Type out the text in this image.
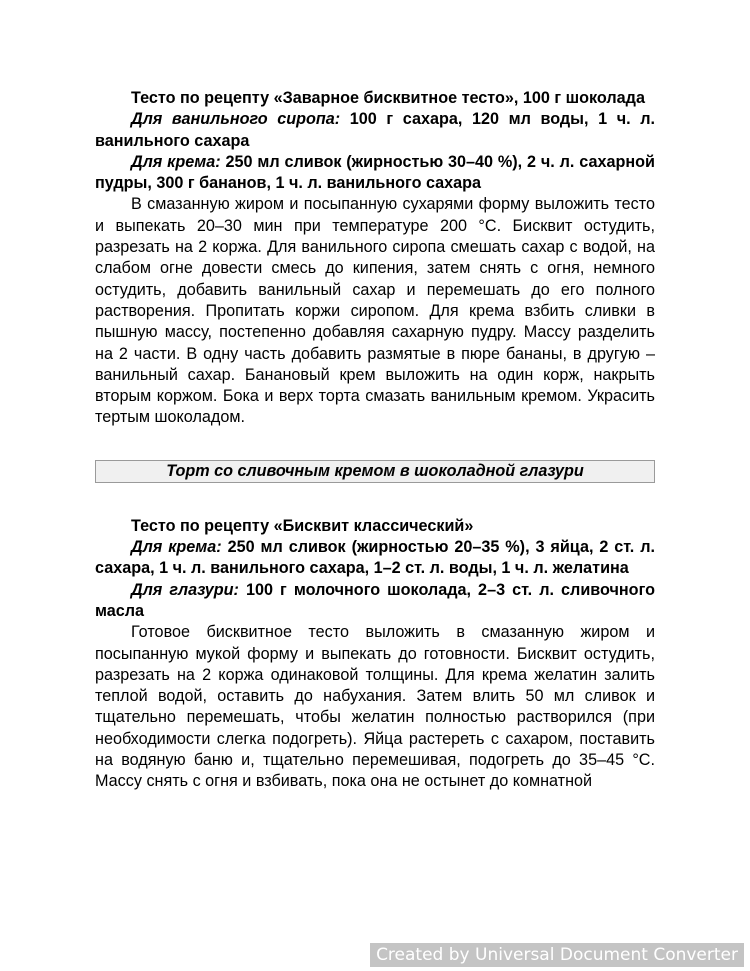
Тесто по рецепту «Заварное бисквитное тесто», 100 г шоколада

Для ванильного сиропа: 100 г сахара, 120 мл воды, 1 ч. л. ванильного сахара

Для крема: 250 мл сливок (жирностью 30–40 %), 2 ч. л. сахарной пудры, 300 г бананов, 1 ч. л. ванильного сахара

В смазанную жиром и посыпанную сухарями форму выложить тесто и выпекать 20–30 мин при температуре 200 °С. Бисквит остудить, разрезать на 2 коржа. Для ванильного сиропа смешать сахар с водой, на слабом огне довести смесь до кипения, затем снять с огня, немного остудить, добавить ванильный сахар и перемешать до его полного растворения. Пропитать коржи сиропом. Для крема взбить сливки в пышную массу, постепенно добавляя сахарную пудру. Массу разделить на 2 части. В одну часть добавить размятые в пюре бананы, в другую – ванильный сахар. Банановый крем выложить на один корж, накрыть вторым коржом. Бока и верх торта смазать ванильным кремом. Украсить тертым шоколадом.

Торт со сливочным кремом в шоколадной глазури

Тесто по рецепту «Бисквит классический»

Для крема: 250 мл сливок (жирностью 20–35 %), 3 яйца, 2 ст. л. сахара, 1 ч. л. ванильного сахара, 1–2 ст. л. воды, 1 ч. л. желатина

Для глазури: 100 г молочного шоколада, 2–3 ст. л. сливочного масла

Готовое бисквитное тесто выложить в смазанную жиром и посыпанную мукой форму и выпекать до готовности. Бисквит остудить, разрезать на 2 коржа одинаковой толщины. Для крема желатин залить теплой водой, оставить до набухания. Затем влить 50 мл сливок и тщательно перемешать, чтобы желатин полностью растворился (при необходимости слегка подогреть). Яйца растереть с сахаром, поставить на водяную баню и, тщательно перемешивая, подогреть до 35–45 °С. Массу снять с огня и взбивать, пока она не остынет до комнатной

Created by Universal Document Converter
